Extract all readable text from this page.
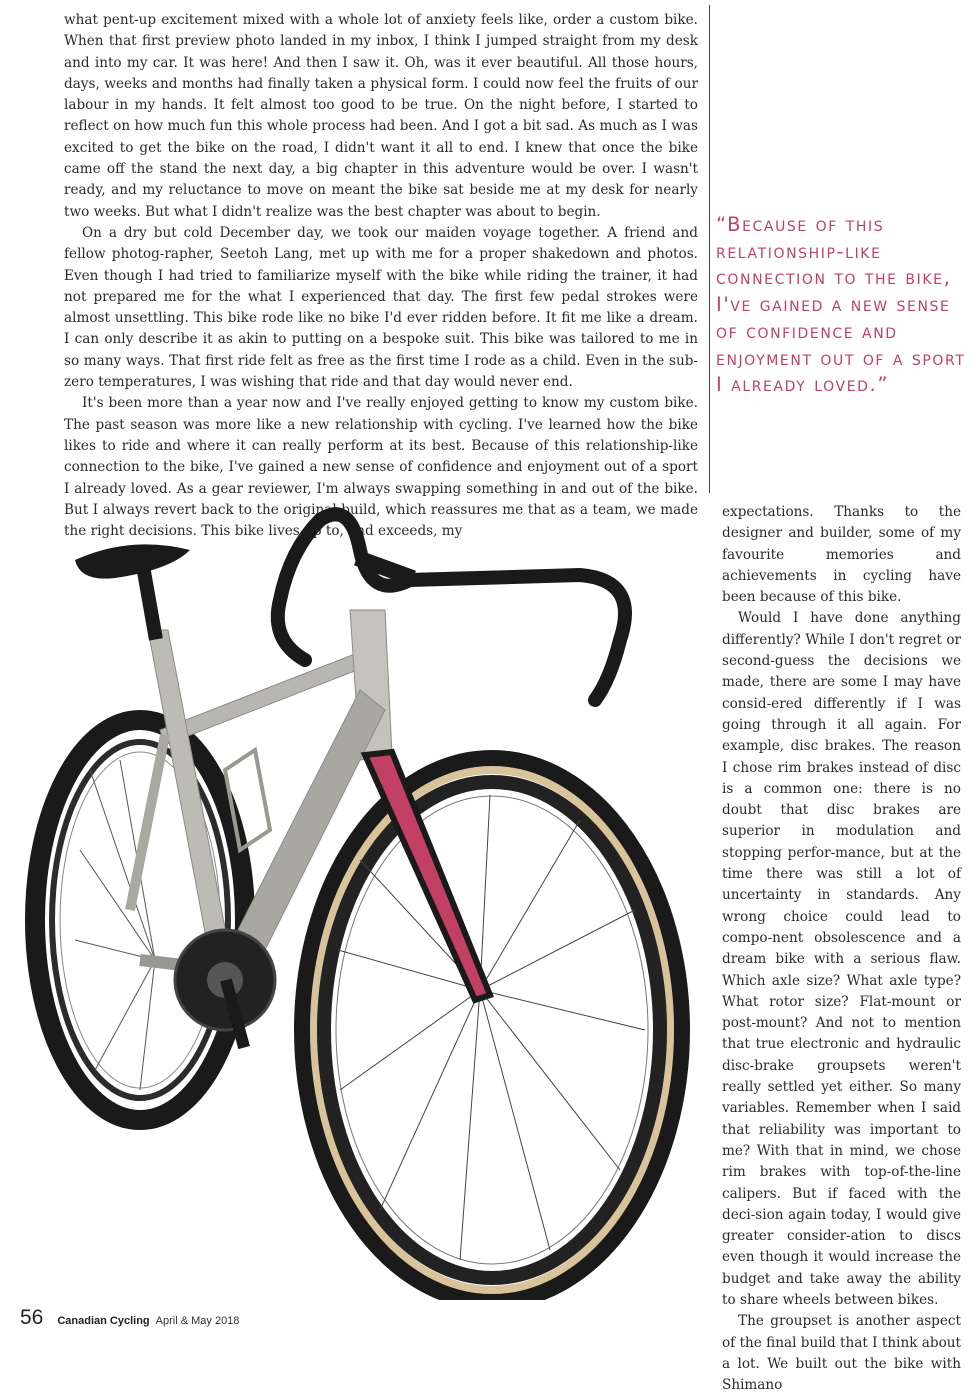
what pent-up excitement mixed with a whole lot of anxiety feels like, order a custom bike. When that first preview photo landed in my inbox, I think I jumped straight from my desk and into my car. It was here! And then I saw it. Oh, was it ever beautiful. All those hours, days, weeks and months had finally taken a physical form. I could now feel the fruits of our labour in my hands. It felt almost too good to be true. On the night before, I started to reflect on how much fun this whole process had been. And I got a bit sad. As much as I was excited to get the bike on the road, I didn't want it all to end. I knew that once the bike came off the stand the next day, a big chapter in this adventure would be over. I wasn't ready, and my reluctance to move on meant the bike sat beside me at my desk for nearly two weeks. But what I didn't realize was the best chapter was about to begin.

On a dry but cold December day, we took our maiden voyage together. A friend and fellow photog-rapher, Seetoh Lang, met up with me for a proper shakedown and photos. Even though I had tried to familiarize myself with the bike while riding the trainer, it had not prepared me for the what I experienced that day. The first few pedal strokes were almost unsettling. This bike rode like no bike I'd ever ridden before. It fit me like a dream. I can only describe it as akin to putting on a bespoke suit. This bike was tailored to me in so many ways. That first ride felt as free as the first time I rode as a child. Even in the sub-zero temperatures, I was wishing that ride and that day would never end.

It's been more than a year now and I've really enjoyed getting to know my custom bike. The past season was more like a new relationship with cycling. I've learned how the bike likes to ride and where it can really perform at its best. Because of this relationship-like connection to the bike, I've gained a new sense of confidence and enjoyment out of a sport I already loved. As a gear reviewer, I'm always swapping something in and out of the bike. But I always revert back to the original build, which reassures me that as a team, we made the right decisions. This bike lives up to, and exceeds, my

“Because of this relationship-like connection to the bike, I've gained a new sense of confidence and enjoyment out of a sport I already loved.”

expectations. Thanks to the designer and builder, some of my favourite memories and achievements in cycling have been because of this bike.

Would I have done anything differently? While I don't regret or second-guess the decisions we made, there are some I may have consid-ered differently if I was going through it all again. For example, disc brakes. The reason I chose rim brakes instead of disc is a common one: there is no doubt that disc brakes are superior in modulation and stopping perfor-mance, but at the time there was still a lot of uncertainty in standards. Any wrong choice could lead to compo-nent obsolescence and a dream bike with a serious flaw. Which axle size? What axle type? What rotor size? Flat-mount or post-mount? And not to mention that true electronic and hydraulic disc-brake groupsets weren't really settled yet either. So many variables. Remember when I said that reliability was important to me? With that in mind, we chose rim brakes with top-of-the-line calipers. But if faced with the deci-sion again today, I would give greater consider-ation to discs even though it would increase the budget and take away the ability to share wheels between bikes.

The groupset is another aspect of the final build that I think about a lot. We built out the bike with Shimano

56 Canadian Cycling April & May 2018
